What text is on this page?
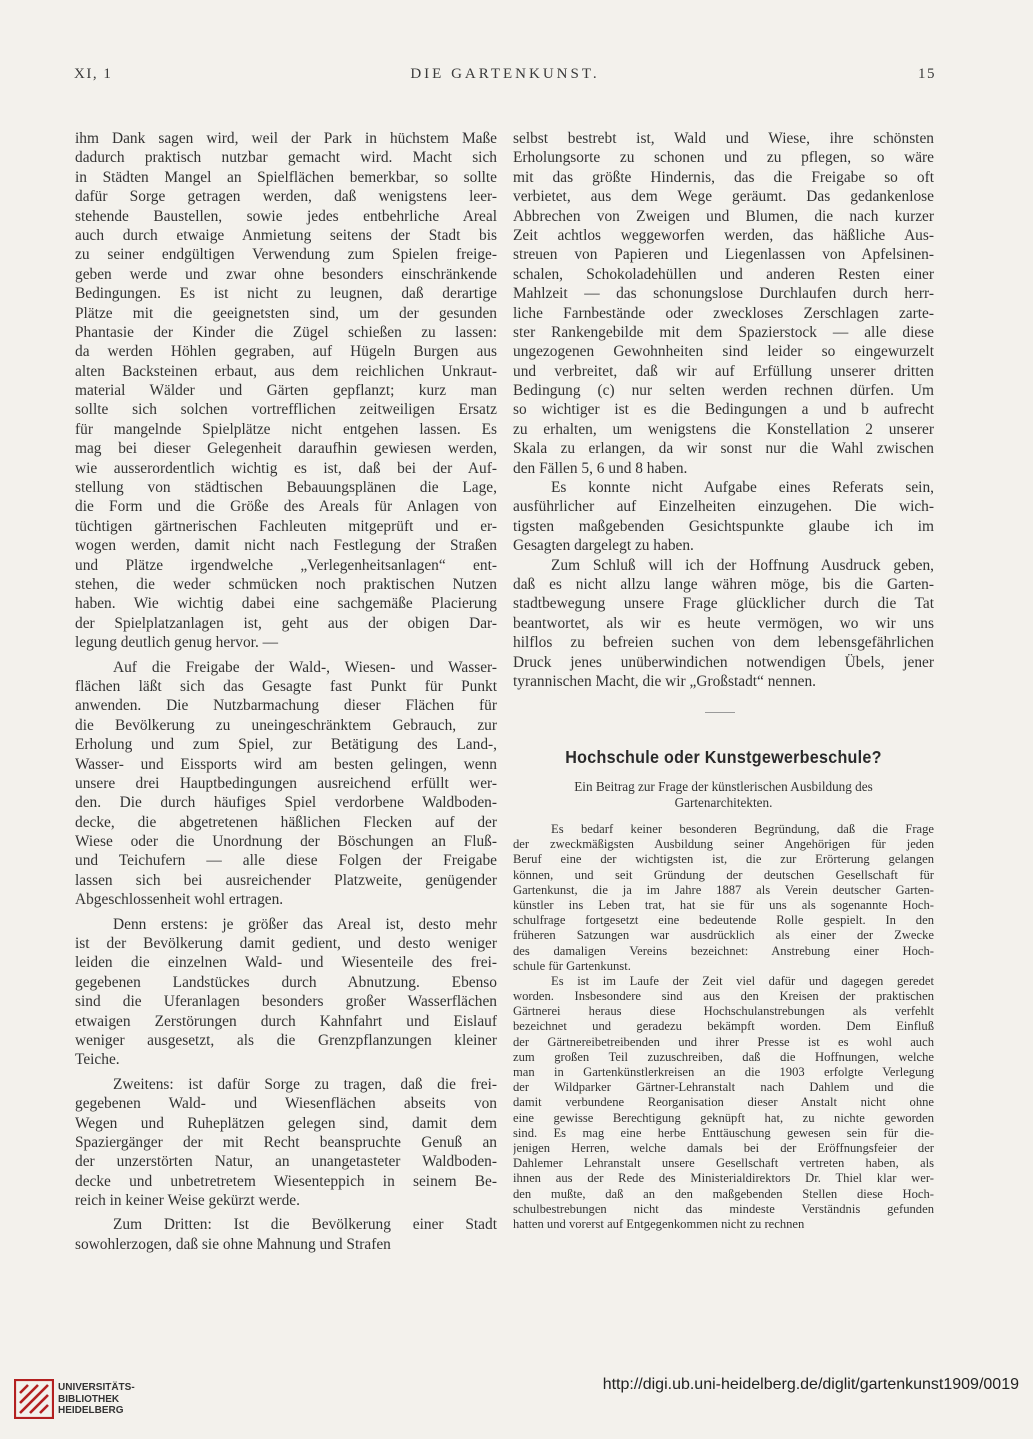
XI, 1	DIE GARTENKUNST.	15
ihm Dank sagen wird, weil der Park in hüchstem Maße
dadurch praktisch nutzbar gemacht wird. Macht sich
in Städten Mangel an Spielflächen bemerkbar, so sollte
dafür Sorge getragen werden, daß wenigstens leer-
stehende Baustellen, sowie jedes entbehrliche Areal
auch durch etwaige Anmietung seitens der Stadt bis
zu seiner endgültigen Verwendung zum Spielen freige-
geben werde und zwar ohne besonders einschränkende
Bedingungen. Es ist nicht zu leugnen, daß derartige
Plätze mit die geeignetsten sind, um der gesunden
Phantasie der Kinder die Zügel schießen zu lassen:
da werden Höhlen gegraben, auf Hügeln Burgen aus
alten Backsteinen erbaut, aus dem reichlichen Unkraut-
material Wälder und Gärten gepflanzt; kurz man
sollte sich solchen vortrefflichen zeitweiligen Ersatz
für mangelnde Spielplätze nicht entgehen lassen. Es
mag bei dieser Gelegenheit daraufhin gewiesen werden,
wie ausserordentlich wichtig es ist, daß bei der Auf-
stellung von städtischen Bebauungsplänen die Lage,
die Form und die Größe des Areals für Anlagen von
tüchtigen gärtnerischen Fachleuten mitgeprüft und er-
wogen werden, damit nicht nach Festlegung der Straßen
und Plätze irgendwelche „Verlegenheitsanlagen“ ent-
stehen, die weder schmücken noch praktischen Nutzen
haben. Wie wichtig dabei eine sachgemäße Placierung
der Spielplatzanlagen ist, geht aus der obigen Dar-
legung deutlich genug hervor. —
Auf die Freigabe der Wald-, Wiesen- und Wasser-
flächen läßt sich das Gesagte fast Punkt für Punkt
anwenden. Die Nutzbarmachung dieser Flächen für
die Bevölkerung zu uneingeschränktem Gebrauch, zur
Erholung und zum Spiel, zur Betätigung des Land-,
Wasser- und Eissports wird am besten gelingen, wenn
unsere drei Hauptbedingungen ausreichend erfüllt wer-
den. Die durch häufiges Spiel verdorbene Waldboden-
decke, die abgetretenen häßlichen Flecken auf der
Wiese oder die Unordnung der Böschungen an Fluß-
und Teichufern — alle diese Folgen der Freigabe
lassen sich bei ausreichender Platzweite, genügender
Abgeschlossenheit wohl ertragen.
Denn erstens: je größer das Areal ist, desto mehr
ist der Bevölkerung damit gedient, und desto weniger
leiden die einzelnen Wald- und Wiesenteile des frei-
gegebenen Landstückes durch Abnutzung. Ebenso
sind die Uferanlagen besonders großer Wasserflächen
etwaigen Zerstörungen durch Kahnfahrt und Eislauf
weniger ausgesetzt, als die Grenzpflanzungen kleiner
Teiche.
Zweitens: ist dafür Sorge zu tragen, daß die frei-
gegebenen Wald- und Wiesenflächen abseits von
Wegen und Ruheplätzen gelegen sind, damit dem
Spaziergänger der mit Recht beanspruchte Genuß an
der unzerstörten Natur, an unangetasteter Waldboden-
decke und unbetretretem Wiesenteppich in seinem Be-
reich in keiner Weise gekürzt werde.
Zum Dritten: Ist die Bevölkerung einer Stadt
sowohlerzogen, daß sie ohne Mahnung und Strafen
selbst bestrebt ist, Wald und Wiese, ihre schönsten
Erholungsorte zu schonen und zu pflegen, so wäre
mit das größte Hindernis, das die Freigabe so oft
verbietet, aus dem Wege geräumt. Das gedankenlose
Abbrechen von Zweigen und Blumen, die nach kurzer
Zeit achtlos weggeworfen werden, das häßliche Aus-
streuen von Papieren und Liegenlassen von Apfelsinen-
schalen, Schokoladehüllen und anderen Resten einer
Mahlzeit — das schonungslose Durchlaufen durch herr-
liche Farnbestände oder zweckloses Zerschlagen zarte-
ster Rankengebilde mit dem Spazierstock — alle diese
ungezogenen Gewohnheiten sind leider so eingewurzelt
und verbreitet, daß wir auf Erfüllung unserer dritten
Bedingung (c) nur selten werden rechnen dürfen. Um
so wichtiger ist es die Bedingungen a und b aufrecht
zu erhalten, um wenigstens die Konstellation 2 unserer
Skala zu erlangen, da wir sonst nur die Wahl zwischen
den Fällen 5, 6 und 8 haben.
Es konnte nicht Aufgabe eines Referats sein,
ausführlicher auf Einzelheiten einzugehen. Die wich-
tigsten maßgebenden Gesichtspunkte glaube ich im
Gesagten dargelegt zu haben.
Zum Schluß will ich der Hoffnung Ausdruck geben,
daß es nicht allzu lange währen möge, bis die Garten-
stadtbewegung unsere Frage glücklicher durch die Tat
beantwortet, als wir es heute vermögen, wo wir uns
hilflos zu befreien suchen von dem lebensgefährlichen
Druck jenes unüberwindichen notwendigen Übels, jener
tyrannischen Macht, die wir „Großstadt“ nennen.
Hochschule oder Kunstgewerbeschule?
Ein Beitrag zur Frage der künstlerischen Ausbildung des
Gartenarchitekten.
Es bedarf keiner besonderen Begründung, daß die Frage
der zweckmäßigsten Ausbildung seiner Angehörigen für jeden
Beruf eine der wichtigsten ist, die zur Erörterung gelangen
können, und seit Gründung der deutschen Gesellschaft für
Gartenkunst, die ja im Jahre 1887 als Verein deutscher Garten-
künstler ins Leben trat, hat sie für uns als sogenannte Hoch-
schulfrage fortgesetzt eine bedeutende Rolle gespielt. In den
früheren Satzungen war ausdrücklich als einer der Zwecke
des damaligen Vereins bezeichnet: Anstrebung einer Hoch-
schule für Gartenkunst.
Es ist im Laufe der Zeit viel dafür und dagegen geredet
worden. Insbesondere sind aus den Kreisen der praktischen
Gärtnerei heraus diese Hochschulanstrebungen als verfehlt
bezeichnet und geradezu bekämpft worden. Dem Einfluß
der Gärtnereibetreibenden und ihrer Presse ist es wohl auch
zum großen Teil zuzuschreiben, daß die Hoffnungen, welche
man in Gartenkünstlerkreisen an die 1903 erfolgte Verlegung
der Wildparker Gärtner-Lehranstalt nach Dahlem und die
damit verbundene Reorganisation dieser Anstalt nicht ohne
eine gewisse Berechtigung geknüpft hat, zu nichte geworden
sind. Es mag eine herbe Enttäuschung gewesen sein für die-
jenigen Herren, welche damals bei der Eröffnungsfeier der
Dahlemer Lehranstalt unsere Gesellschaft vertreten haben, als
ihnen aus der Rede des Ministerialdirektors Dr. Thiel klar wer-
den mußte, daß an den maßgebenden Stellen diese Hoch-
schulbestrebungen nicht das mindeste Verständnis gefunden
hatten und vorerst auf Entgegenkommen nicht zu rechnen
UNIVERSITÄTS-
BIBLIOTHEK
HEIDELBERG
http://digi.ub.uni-heidelberg.de/diglit/gartenkunst1909/0019
